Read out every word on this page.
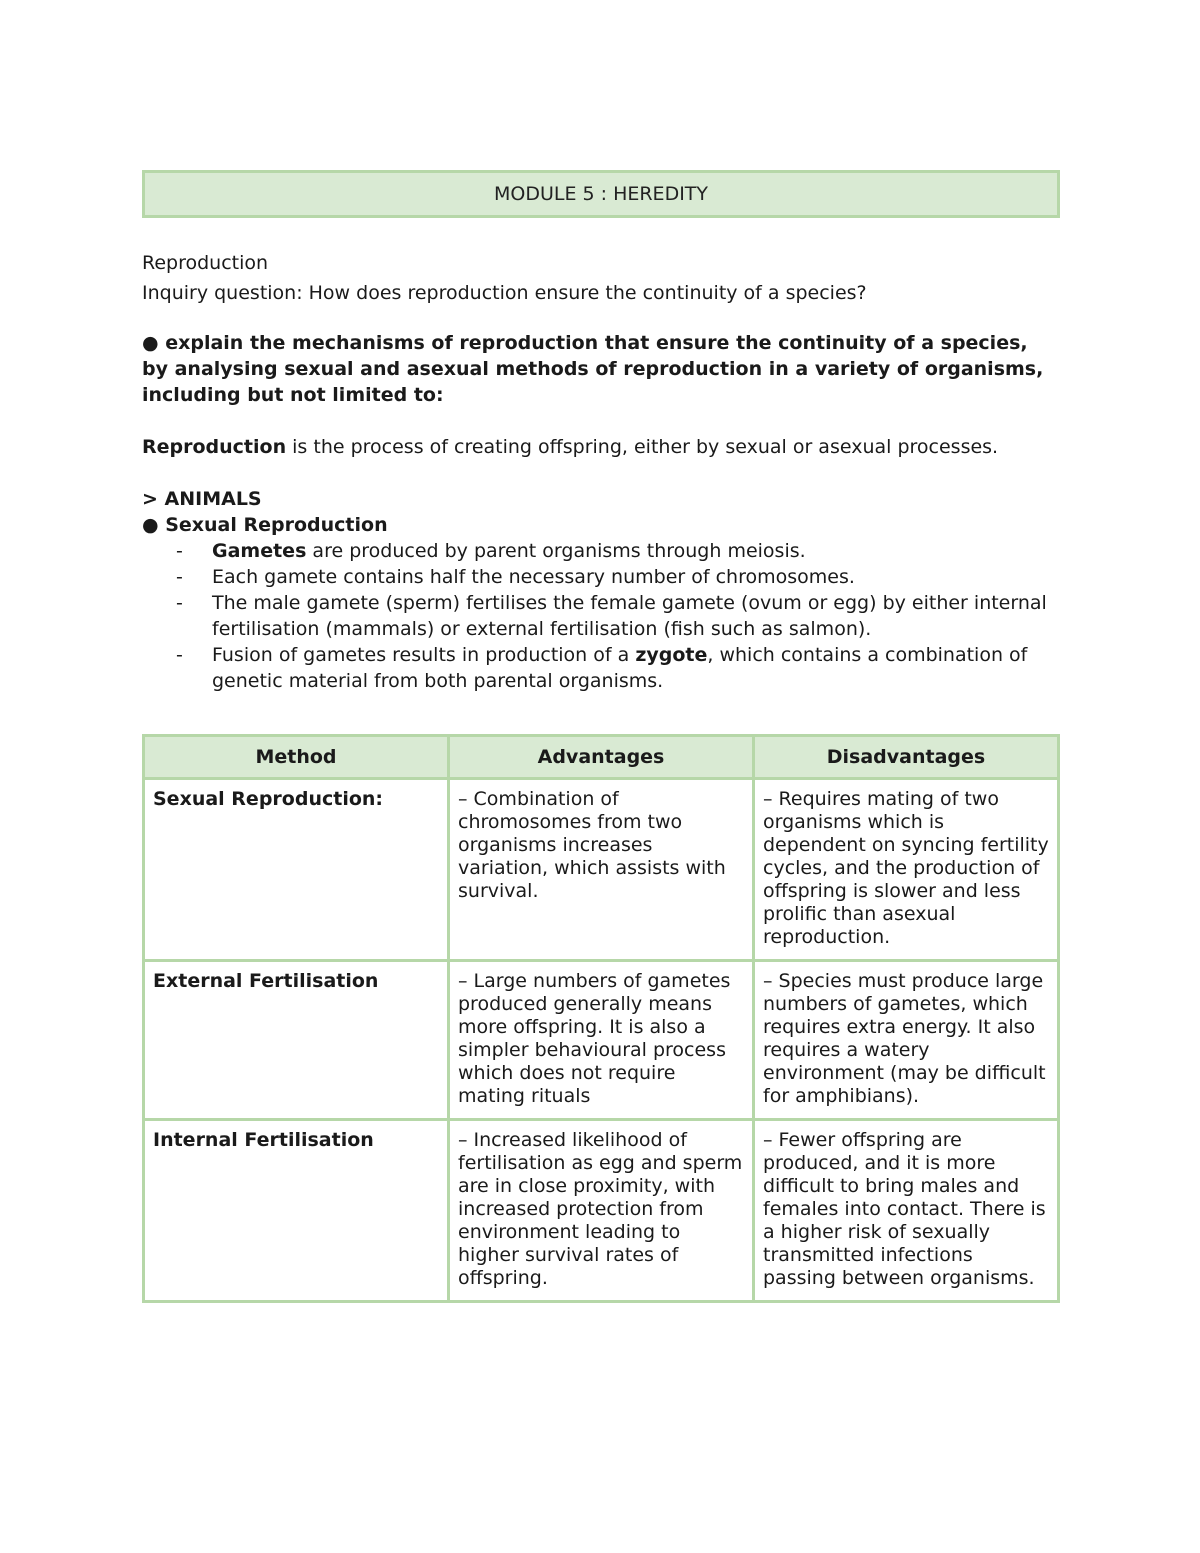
MODULE 5 : HEREDITY

Reproduction

Inquiry question: How does reproduction ensure the continuity of a species?

● explain the mechanisms of reproduction that ensure the continuity of a species, by analysing sexual and asexual methods of reproduction in a variety of organisms, including but not limited to:
Reproduction is the process of creating offspring, either by sexual or asexual processes.
> ANIMALS
● Sexual Reproduction
- Gametes are produced by parent organisms through meiosis.
- Each gamete contains half the necessary number of chromosomes.
- The male gamete (sperm) fertilises the female gamete (ovum or egg) by either internal fertilisation (mammals) or external fertilisation (fish such as salmon).
- Fusion of gametes results in production of a zygote, which contains a combination of genetic material from both parental organisms.
Method	Advantages	Disadvantages
Sexual Reproduction:	– Combination of chromosomes from two organisms increases variation, which assists with survival.	– Requires mating of two organisms which is dependent on syncing fertility cycles, and the production of offspring is slower and less prolific than asexual reproduction.
External Fertilisation	– Large numbers of gametes produced generally means more offspring. It is also a simpler behavioural process which does not require mating rituals	– Species must produce large numbers of gametes, which requires extra energy. It also requires a watery environment (may be difficult for amphibians).
Internal Fertilisation	– Increased likelihood of fertilisation as egg and sperm are in close proximity, with increased protection from environment leading to higher survival rates of offspring.	– Fewer offspring are produced, and it is more difficult to bring males and females into contact. There is a higher risk of sexually transmitted infections passing between organisms.
